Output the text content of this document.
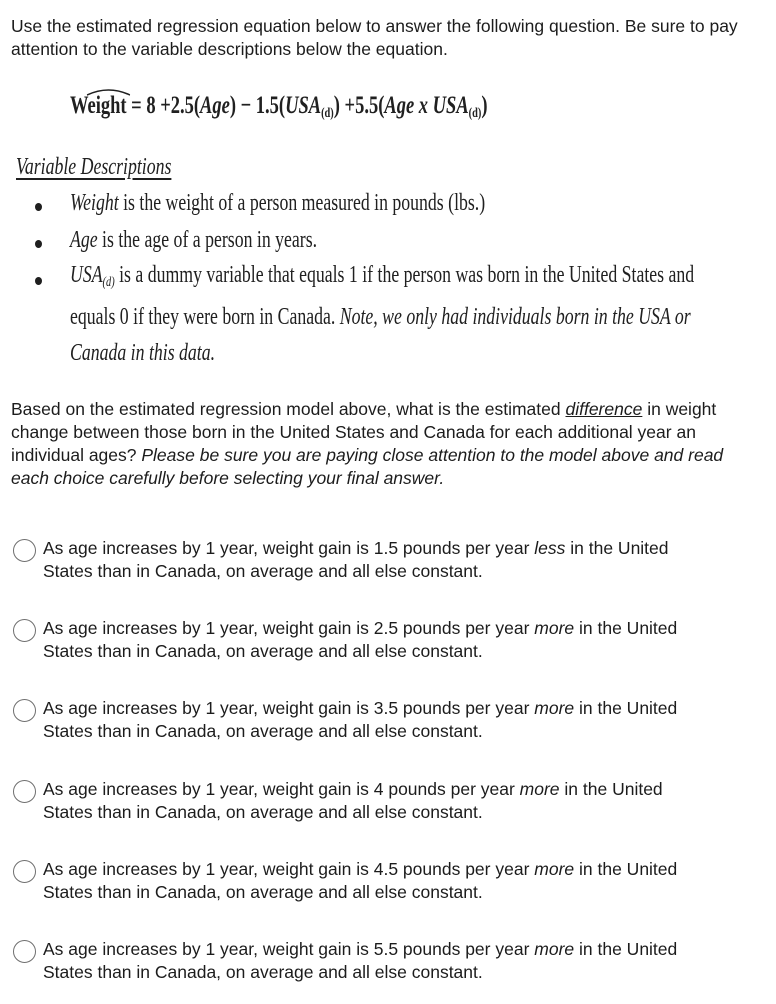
Use the estimated regression equation below to answer the following question. Be sure to pay attention to the variable descriptions below the equation.
Weight = $8 +2.5(Age) - 1.5(USA_{(d)}) +5.5(Age$ x $USA_{(d)}$)
Variable Descriptions
Weight is the weight of a person measured in pounds (lbs.)
Age is the age of a person in years.
$USA_{(d)}$ is a dummy variable that equals 1 if the person was born in the United States and
equals 0 if they were born in Canada. Note, we only had individuals born in the USA or
Canada in this data.
Based on the estimated regression model above, what is the estimated difference in weight change between those born in the United States and Canada for each additional year an individual ages? Please be sure you are paying close attention to the model above and read each choice carefully before selecting your final answer.
As age increases by 1 year, weight gain is 1.5 pounds per year less in the United
States than in Canada, on average and all else constant.
As age increases by 1 year, weight gain is 2.5 pounds per year more in the United
States than in Canada, on average and all else constant.
As age increases by 1 year, weight gain is 3.5 pounds per year more in the United
States than in Canada, on average and all else constant.
As age increases by 1 year, weight gain is 4 pounds per year more in the United
States than in Canada, on average and all else constant.
As age increases by 1 year, weight gain is 4.5 pounds per year more in the United
States than in Canada, on average and all else constant.
As age increases by 1 year, weight gain is 5.5 pounds per year more in the United
States than in Canada, on average and all else constant.
